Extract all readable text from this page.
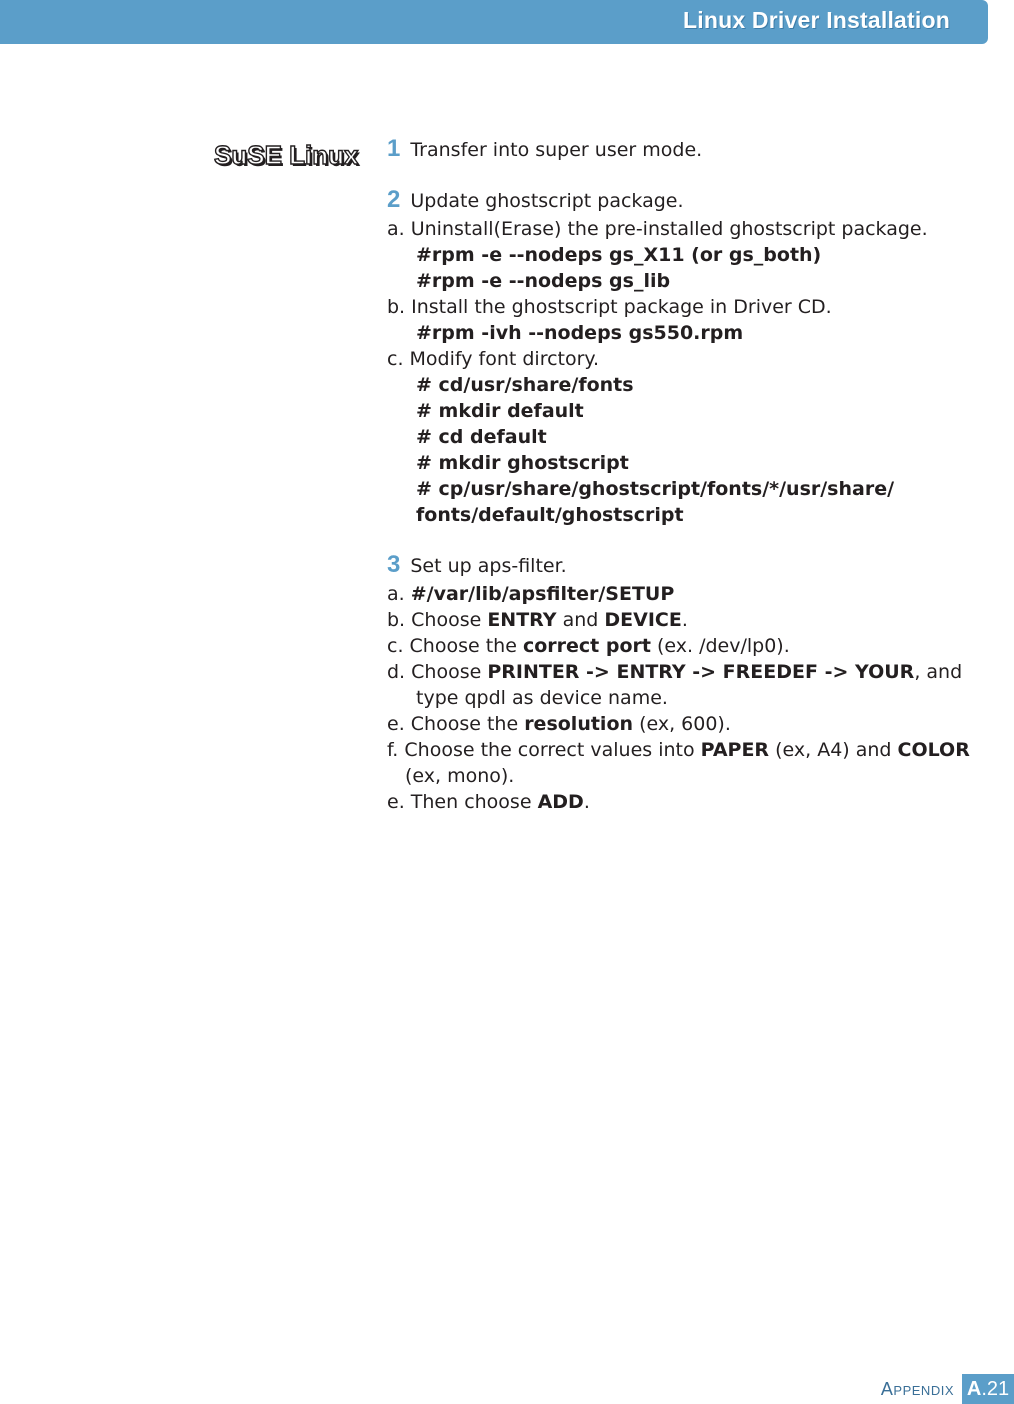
Linux Driver Installation
SuSE Linux 1 Transfer into super user mode.
2 Update ghostscript package.
a. Uninstall(Erase) the pre-installed ghostscript package.
#rpm -e --nodeps gs_X11 (or gs_both)
#rpm -e --nodeps gs_lib
b. Install the ghostscript package in Driver CD.
#rpm -ivh --nodeps gs550.rpm
c. Modify font dirctory.
# cd/usr/share/fonts
# mkdir default
# cd default
# mkdir ghostscript
# cp/usr/share/ghostscript/fonts/*/usr/share/
fonts/default/ghostscript
3 Set up aps-filter.
a. #/var/lib/apsfilter/SETUP
b. Choose ENTRY and DEVICE.
c. Choose the correct port (ex. /dev/lp0).
d. Choose PRINTER -> ENTRY -> FREEDEF -> YOUR, and
type qpdl as device name.
e. Choose the resolution (ex, 600).
f. Choose the correct values into PAPER (ex, A4) and COLOR
(ex, mono).
e. Then choose ADD.
APPENDIX A .21
